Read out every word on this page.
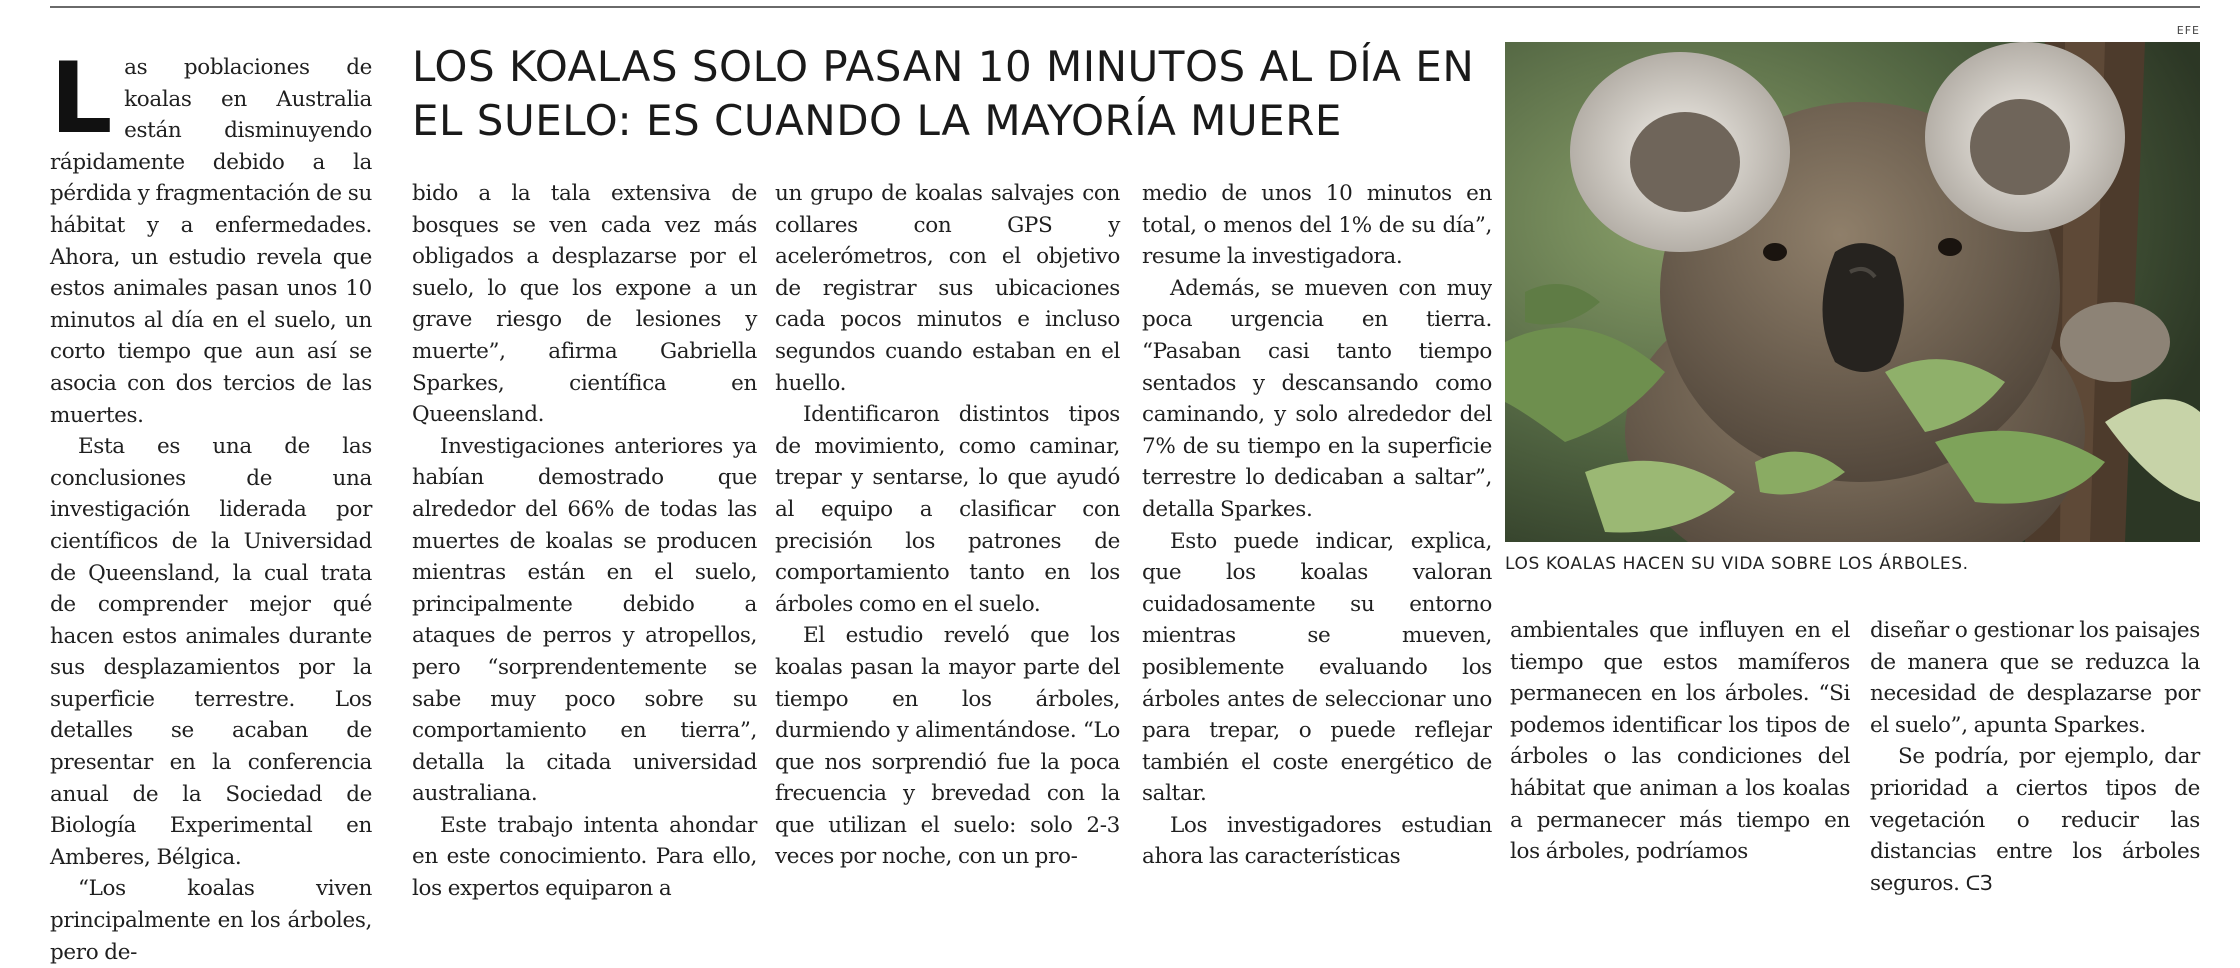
LOS KOALAS SOLO PASAN 10 MINUTOS AL DÍA EN EL SUELO: ES CUANDO LA MAYORÍA MUERE
L as poblaciones de koalas en Australia están disminuyendo rápidamente debido a la pérdida y fragmentación de su hábitat y a enfermedades. Ahora, un estudio revela que estos animales pasan unos 10 minutos al día en el suelo, un corto tiempo que aun así se asocia con dos tercios de las muertes.

Esta es una de las conclusiones de una investigación liderada por científicos de la Universidad de Queensland, la cual trata de comprender mejor qué hacen estos animales durante sus desplazamientos por la superficie terrestre. Los detalles se acaban de presentar en la conferencia anual de la Sociedad de Biología Experimental en Amberes, Bélgica.

“Los koalas viven principalmente en los árboles, pero de-

bido a la tala extensiva de bosques se ven cada vez más obligados a desplazarse por el suelo, lo que los expone a un grave riesgo de lesiones y muerte”, afirma Gabriella Sparkes, científica en Queensland.

Investigaciones anteriores ya habían demostrado que alrededor del 66% de todas las muertes de koalas se producen mientras están en el suelo, principalmente debido a ataques de perros y atropellos, pero “sorprendentemente se sabe muy poco sobre su comportamiento en tierra”, detalla la citada universidad australiana.

Este trabajo intenta ahondar en este conocimiento. Para ello, los expertos equiparon a

un grupo de koalas salvajes con collares con GPS y acelerómetros, con el objetivo de registrar sus ubicaciones cada pocos minutos e incluso segundos cuando estaban en el huello.

Identificaron distintos tipos de movimiento, como caminar, trepar y sentarse, lo que ayudó al equipo a clasificar con precisión los patrones de comportamiento tanto en los árboles como en el suelo.

El estudio reveló que los koalas pasan la mayor parte del tiempo en los árboles, durmiendo y alimentándose. “Lo que nos sorprendió fue la poca frecuencia y brevedad con la que utilizan el suelo: solo 2-3 veces por noche, con un pro-

medio de unos 10 minutos en total, o menos del 1% de su día”, resume la investigadora.

Además, se mueven con muy poca urgencia en tierra. “Pasaban casi tanto tiempo sentados y descansando como caminando, y solo alrededor del 7% de su tiempo en la superficie terrestre lo dedicaban a saltar”, detalla Sparkes.

Esto puede indicar, explica, que los koalas valoran cuidadosamente su entorno mientras se mueven, posiblemente evaluando los árboles antes de seleccionar uno para trepar, o puede reflejar también el coste energético de saltar.

Los investigadores estudian ahora las características

EFE
LOS KOALAS HACEN SU VIDA SOBRE LOS ÁRBOLES.

ambientales que influyen en el tiempo que estos mamíferos permanecen en los árboles. “Si podemos identificar los tipos de árboles o las condiciones del hábitat que animan a los koalas a permanecer más tiempo en los árboles, podríamos

diseñar o gestionar los paisajes de manera que se reduzca la necesidad de desplazarse por el suelo”, apunta Sparkes.

Se podría, por ejemplo, dar prioridad a ciertos tipos de vegetación o reducir las distancias entre los árboles seguros. ᑕЗ
